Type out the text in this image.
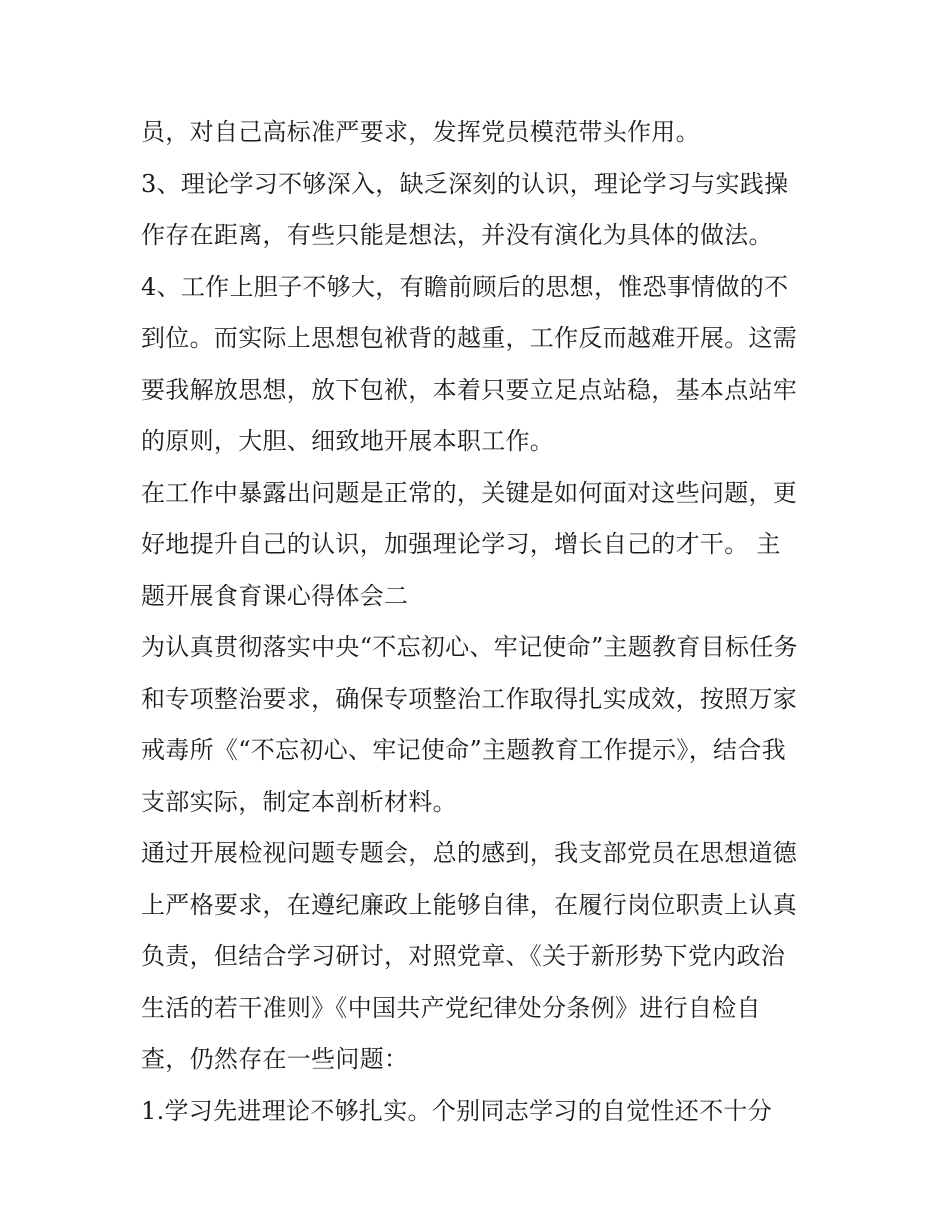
员，对自己高标准严要求，发挥党员模范带头作用。
3、理论学习不够深入，缺乏深刻的认识，理论学习与实践操
作存在距离，有些只能是想法，并没有演化为具体的做法。
4、工作上胆子不够大，有瞻前顾后的思想，惟恐事情做的不
到位。而实际上思想包袱背的越重，工作反而越难开展。这需
要我解放思想，放下包袱，本着只要立足点站稳，基本点站牢
的原则，大胆、细致地开展本职工作。
在工作中暴露出问题是正常的，关键是如何面对这些问题，更
好地提升自己的认识，加强理论学习，增长自己的才干。 主
题开展食育课心得体会二
为认真贯彻落实中央“不忘初心、牢记使命”主题教育目标任务
和专项整治要求，确保专项整治工作取得扎实成效，按照万家
戒毒所《“不忘初心、牢记使命”主题教育工作提示》，结合我
支部实际，制定本剖析材料。
通过开展检视问题专题会，总的感到，我支部党员在思想道德
上严格要求，在遵纪廉政上能够自律，在履行岗位职责上认真
负责，但结合学习研讨，对照党章、《关于新形势下党内政治
生活的若干准则》《中国共产党纪律处分条例》进行自检自
查，仍然存在一些问题：
1.学习先进理论不够扎实。个别同志学习的自觉性还不十分
